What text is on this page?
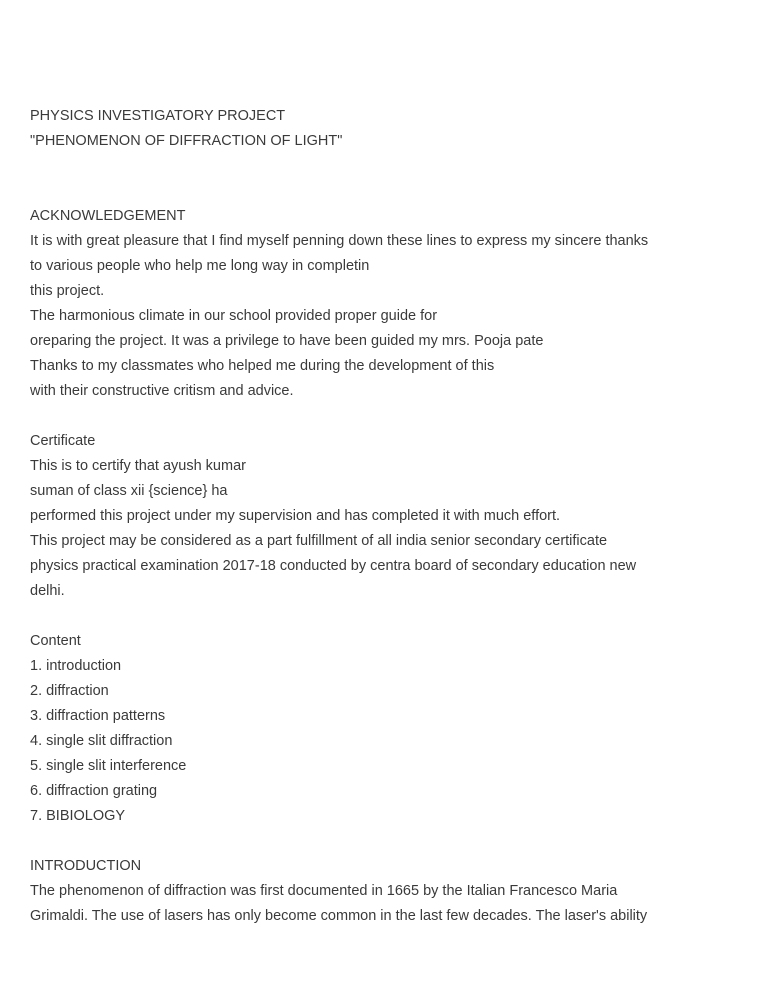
PHYSICS INVESTIGATORY PROJECT
"PHENOMENON OF DIFFRACTION OF LIGHT"
ACKNOWLEDGEMENT
It is with great pleasure that I find myself penning down these lines to express my sincere thanks
to various people who help me long way in completin
this project.
The harmonious climate in our school provided proper guide for
oreparing the project. It was a privilege to have been guided my mrs. Pooja pate
Thanks to my classmates who helped me during the development of this
with their constructive critism and advice.
Certificate
This is to certify that ayush kumar
suman of class xii {science} ha
performed this project under my supervision and has completed it with much effort.
This project may be considered as a part fulfillment of all india senior secondary certificate
physics practical examination 2017-18 conducted by centra board of secondary education new
delhi.
Content
1. introduction
2. diffraction
3. diffraction patterns
4. single slit diffraction
5. single slit interference
6. diffraction grating
7. BIBIOLOGY
INTRODUCTION
The phenomenon of diffraction was first documented in 1665 by the Italian Francesco Maria
Grimaldi. The use of lasers has only become common in the last few decades. The laser's ability
